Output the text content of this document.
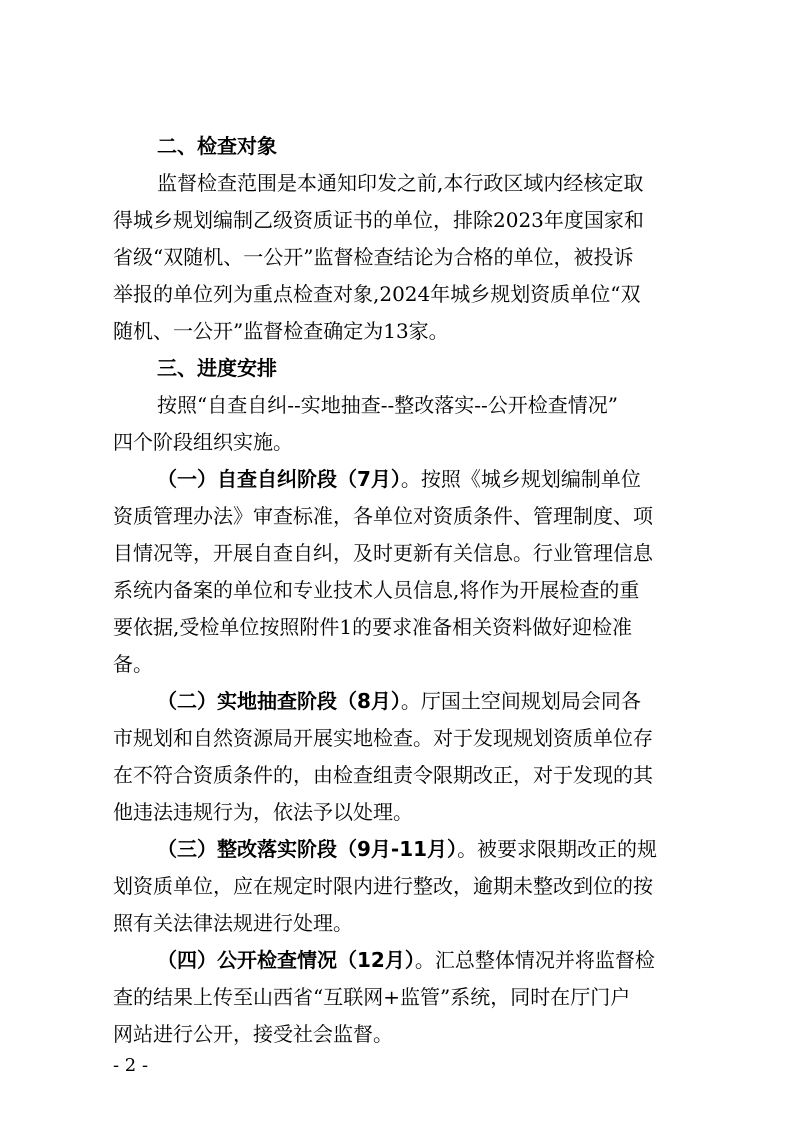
二、检查对象

监督检查范围是本通知印发之前,本行政区域内经核定取
得城乡规划编制乙级资质证书的单位，排除2023年度国家和
省级“双随机、一公开”监督检查结论为合格的单位，被投诉
举报的单位列为重点检查对象,2024年城乡规划资质单位“双
随机、一公开”监督检查确定为13家。

三、进度安排

按照“自查自纠--实地抽查--整改落实--公开检查情况”
四个阶段组织实施。

（一）自查自纠阶段（7月）。按照《城乡规划编制单位
资质管理办法》审查标准，各单位对资质条件、管理制度、项
目情况等，开展自查自纠，及时更新有关信息。行业管理信息
系统内备案的单位和专业技术人员信息,将作为开展检查的重
要依据,受检单位按照附件1的要求准备相关资料做好迎检准
备。

（二）实地抽查阶段（8月）。厅国土空间规划局会同各
市规划和自然资源局开展实地检查。对于发现规划资质单位存
在不符合资质条件的，由检查组责令限期改正，对于发现的其
他违法违规行为，依法予以处理。

（三）整改落实阶段（9月-11月）。被要求限期改正的规
划资质单位，应在规定时限内进行整改，逾期未整改到位的按
照有关法律法规进行处理。

（四）公开检查情况（12月）。汇总整体情况并将监督检
查的结果上传至山西省“互联网+监管”系统，同时在厅门户
网站进行公开，接受社会监督。

- 2 -
